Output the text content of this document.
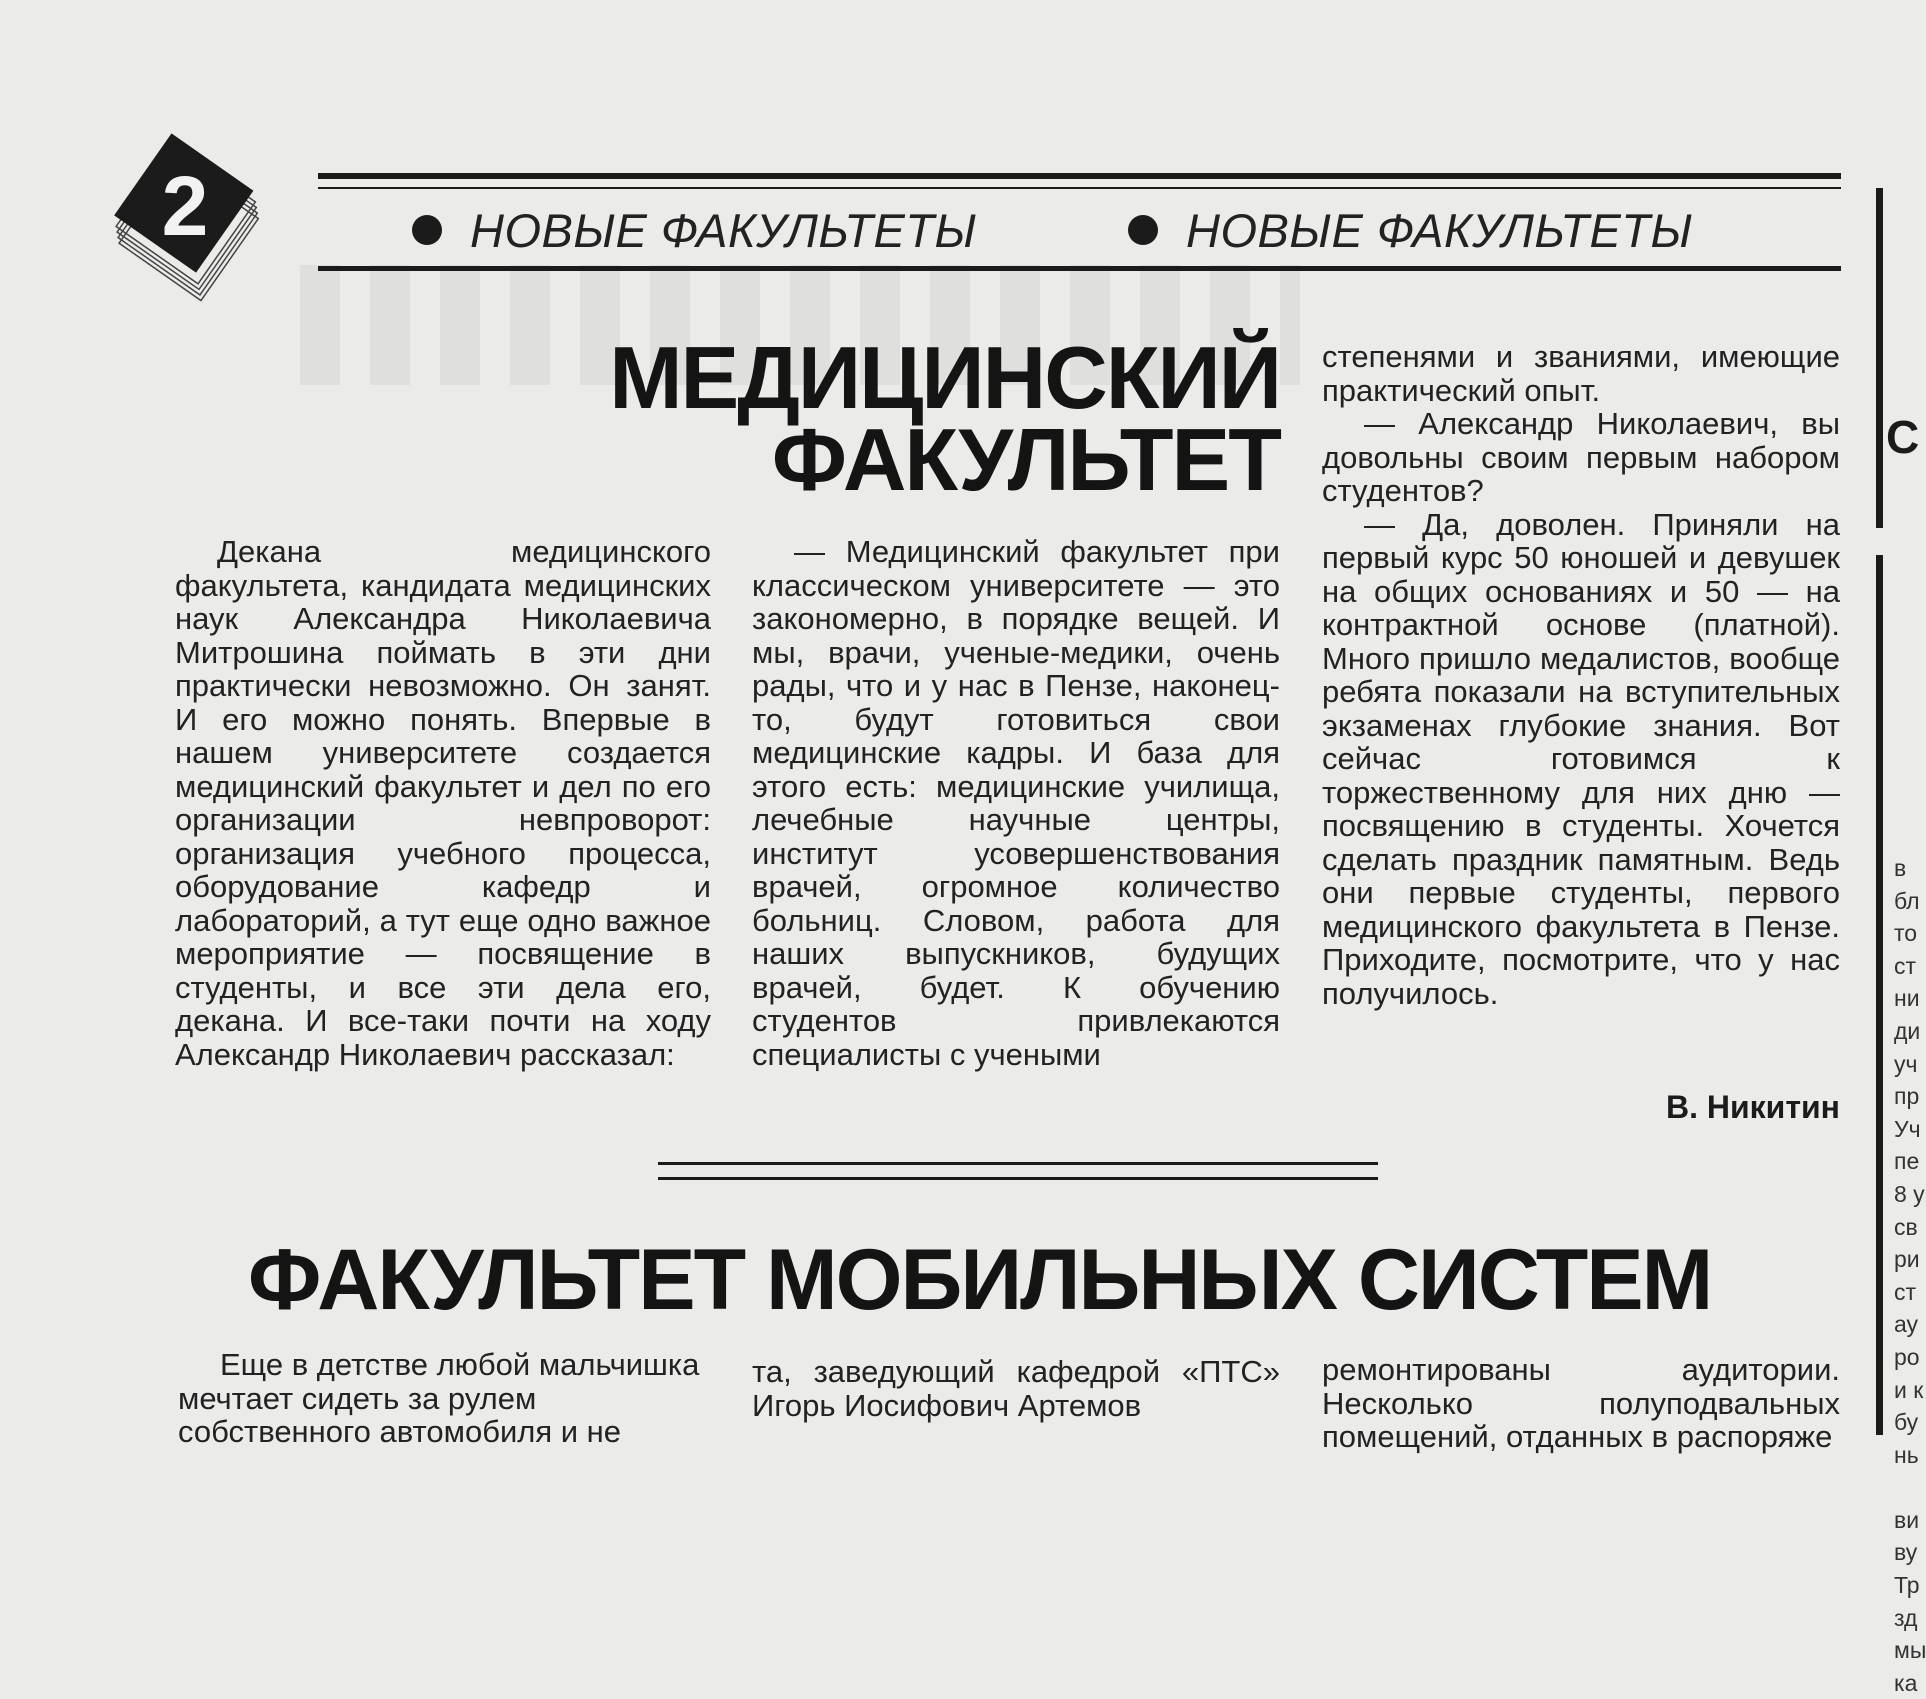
2	НОВЫЕ ФАКУЛЬТЕТЫ	НОВЫЕ ФАКУЛЬТЕТЫ
МЕДИЦИНСКИЙ
ФАКУЛЬТЕТ

Декана медицинского факультета, кандидата медицинских наук Александра Николаевича Митрошина поймать в эти дни практически невозможно. Он занят. И его можно понять. Впервые в нашем университете создается медицинский факультет и дел по его организации невпроворот: организация учебного процесса, оборудование кафедр и лабораторий, а тут еще одно важное мероприятие — посвящение в студенты, и все эти дела его, декана. И все-таки почти на ходу Александр Николаевич рассказал:

— Медицинский факультет при классическом университете — это закономерно, в порядке вещей. И мы, врачи, ученые-медики, очень рады, что и у нас в Пензе, наконец-то, будут готовиться свои медицинские кадры. И база для этого есть: медицинские училища, лечебные научные центры, институт усовершенствования врачей, огромное количество больниц. Словом, работа для наших выпускников, будущих врачей, будет. К обучению студентов привлекаются специалисты с учеными

степенями и званиями, имеющие практический опыт.

— Александр Николаевич, вы довольны своим первым набором студентов?

— Да, доволен. Приняли на первый курс 50 юношей и девушек на общих основаниях и 50 — на контрактной основе (платной). Много пришло медалистов, вообще ребята показали на вступительных экзаменах глубокие знания. Вот сейчас готовимся к торжественному для них дню — посвящению в студенты. Хочется сделать праздник памятным. Ведь они первые студенты, первого медицинского факультета в Пензе. Приходите, посмотрите, что у нас получилось.

В. Никитин
ФАКУЛЬТЕТ МОБИЛЬНЫХ СИСТЕМ

Еще в детстве любой мальчишка мечтает сидеть за рулем собственного автомобиля и не

та, заведующий кафедрой «ПТС» Игорь Иосифович Артемов

ремонтированы аудитории. Несколько полуподвальных помещений, отданных в распоряже

С
в
бл
то
ст
ни
ди
уч
пр
Уч
пе
8 у
св
ри
ст
ау
ро
и к
бу
нь

ви
ву
Тр
зд
мы
ка
